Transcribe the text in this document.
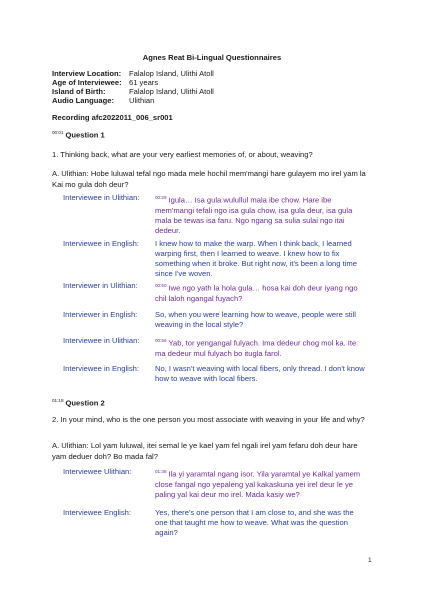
Agnes Reat Bi-Lingual Questionnaires
Interview Location:	Falalop Island, Ulithi Atoll
Age of Interviewee: 61 years
Island of Birth:	Falalop Island, Ulithi Atoll
Audio Language:	Ulithian
Recording afc2022011_006_sr001
$^{00:01}$ Question 1
1. Thinking back, what are your very earliest memories of, or about, weaving?
A. Ulithian: Hobe luluwal tefal ngo mada mele hochil mem'mangi hare gulayem mo irel yam la Kai mo gula doh deur?
Interviewee in Ulithian:	$^{00:29}$ Igula… Isa gula wulullul mala ibe chow. Hare ibe mem'mangi tefali ngo isa gula chow, isa gula deur, isa gula mala be tewas isa faru. Ngo ngang sa sulia sulai ngo itai dedeur.
Interviewee in English:	I knew how to make the warp. When I think back, I learned warping first, then I learned to weave. I knew how to fix something when it broke. But right now, it's been a long time since I've woven.
Interviewer in Ulithian:	$^{00:50}$ Iwe ngo yath la hola gula… hosa kai doh deur iyang ngo chil laloh ngangal fuyach?
Interviewer in English:	So, when you were learning how to weave, people were still weaving in the local style?
Interviewee in Ulithian:	$^{00:56}$ Yab, tor yengangal fulyach. Ima dedeur chog mol ka. Ite ma dedeur mul fulyach bo itugla farol.
Interviewee in English:	No, I wasn't weaving with local fibers, only thread. I don't know how to weave with local fibers.
$^{01:18}$ Question 2
2. In your mind, who is the one person you most associate with weaving in your life and why?
A. Ulithian: Lol yam luluwal, itei semal le ye kael yam fel ngali irel yam fefaru doh deur hare yam deduer doh? Bo mada fal?
Interviewee Ulithian:	$^{01:38}$ Ila yi yaramtal ngang isor. Yila yaramtal ye Kalkal yamem close fangal ngo yepaleng yal kakaskuna yei irel deur le ye paling yal kai deur mo irel. Mada kasiy we?
Interviewee English:	Yes, there's one person that I am close to, and she was the one that taught me how to weave. What was the question again?
1
